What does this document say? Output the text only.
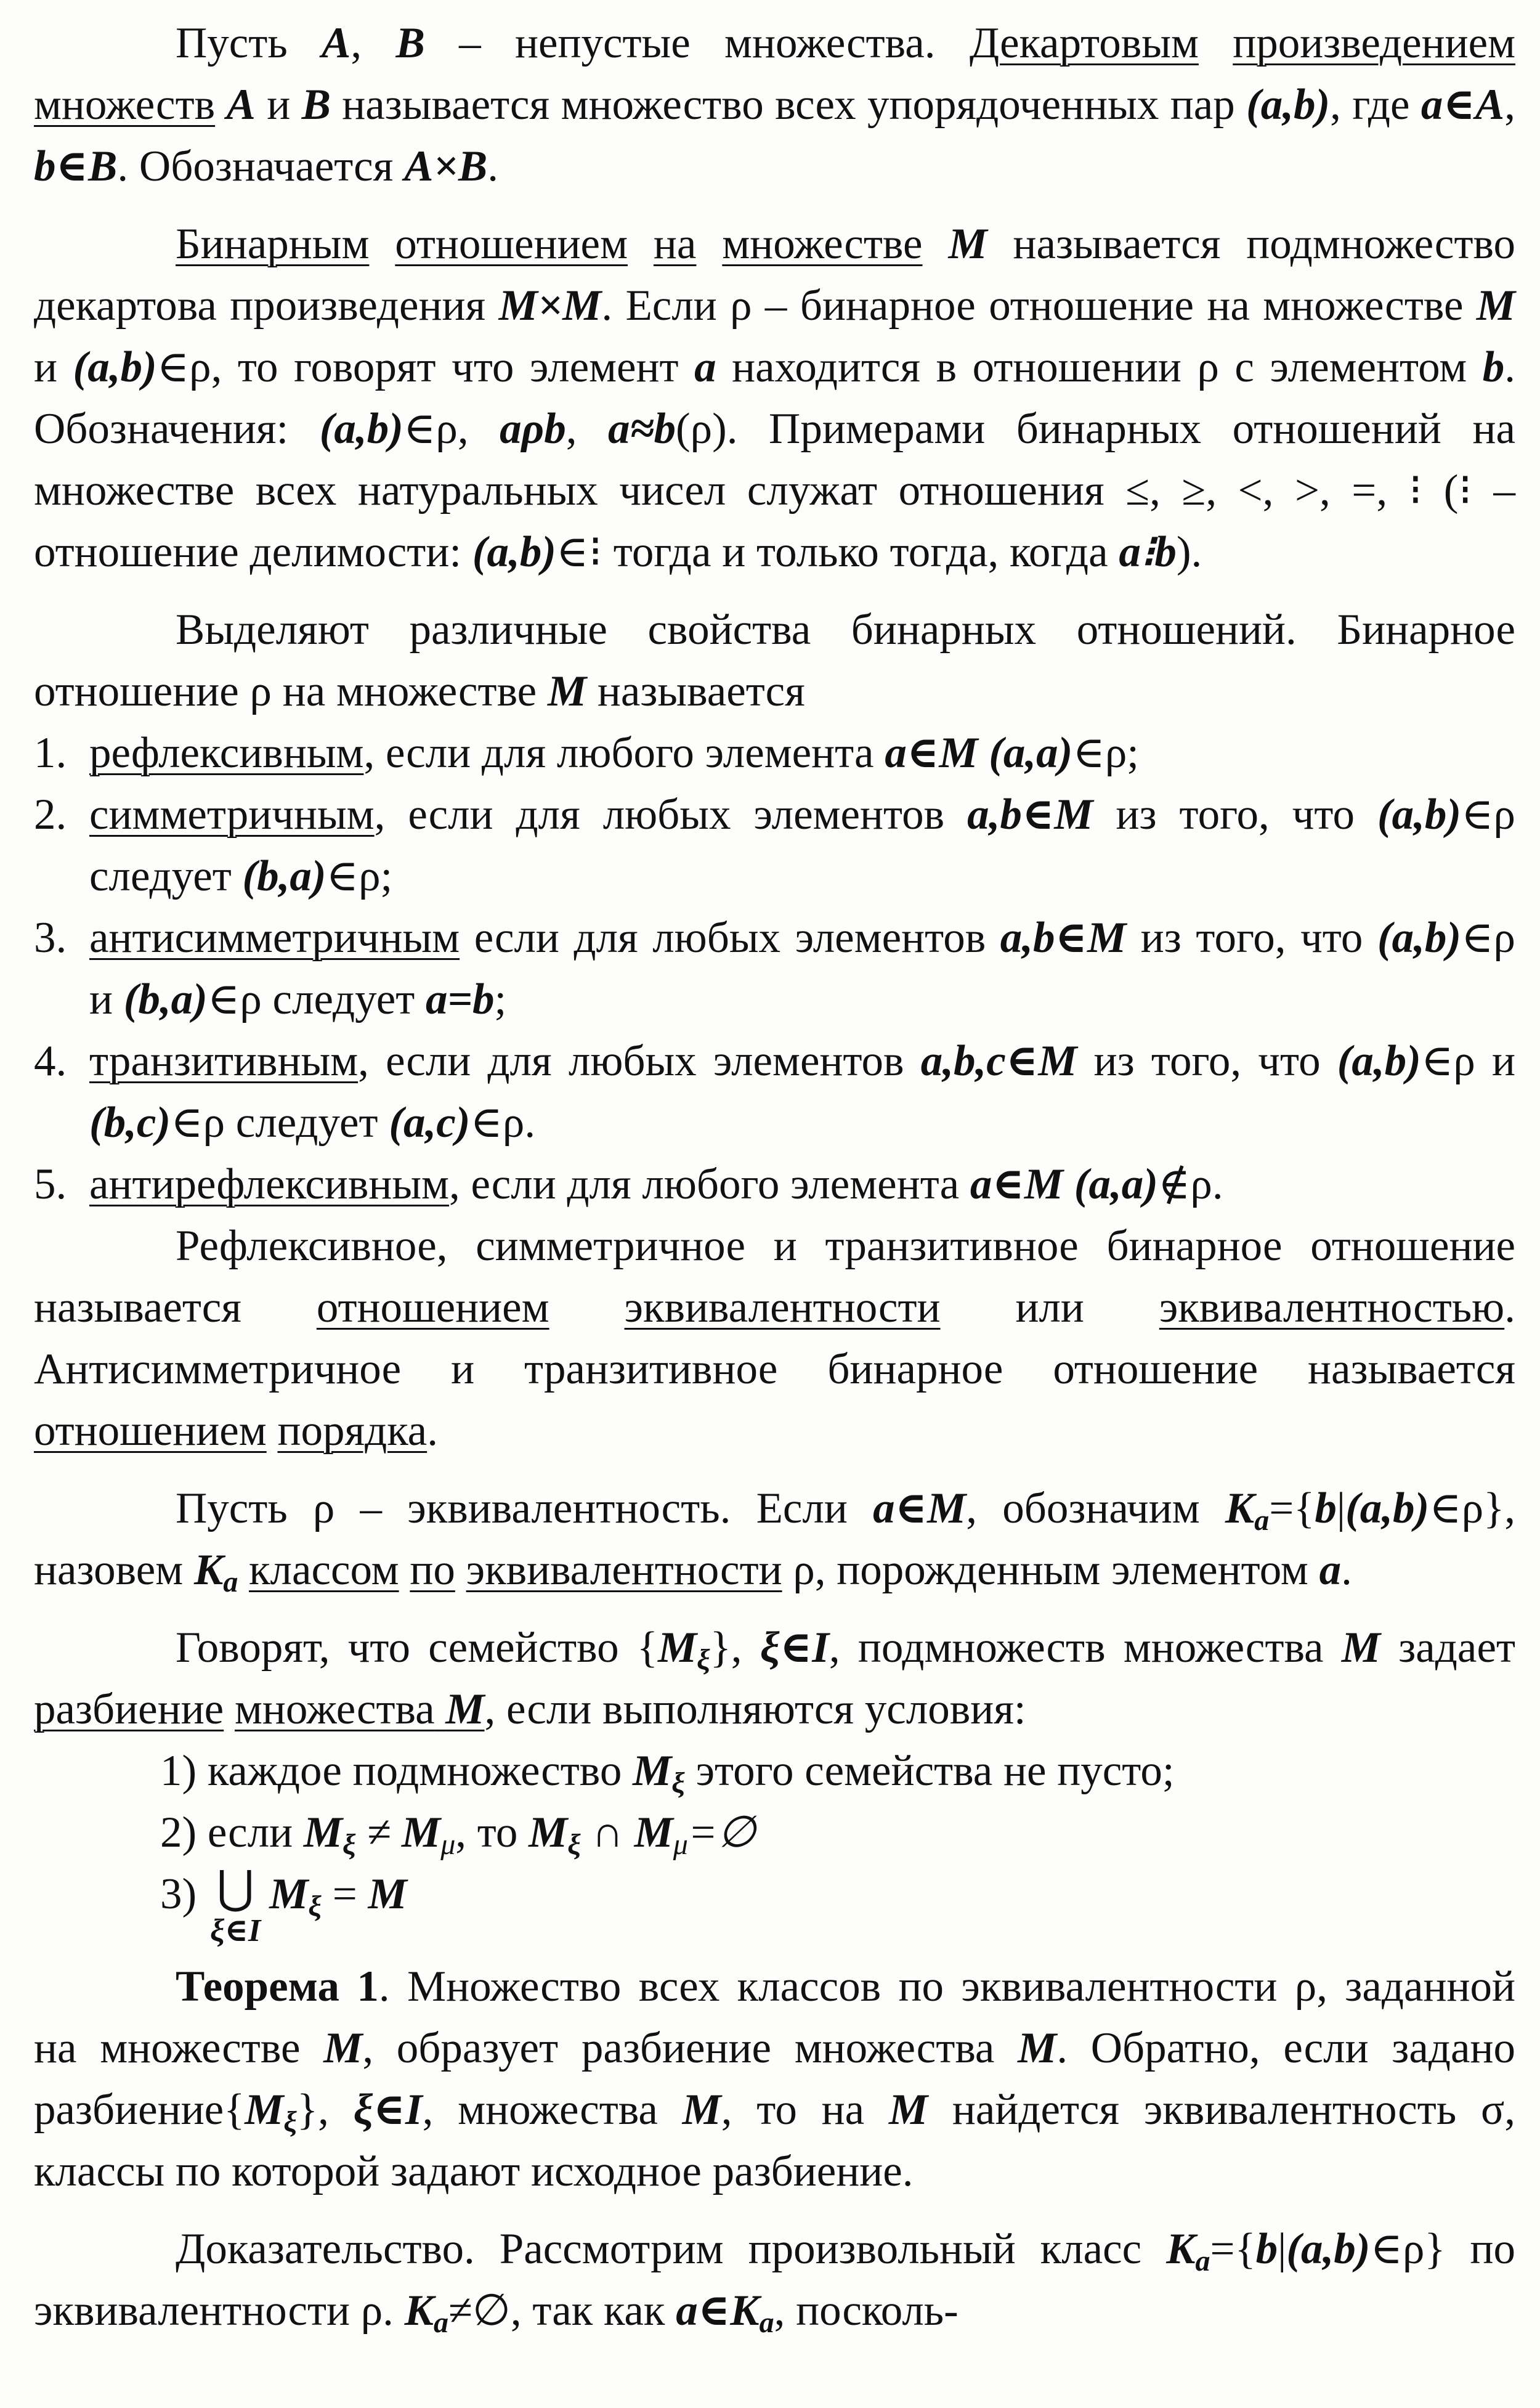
Пусть A, B – непустые множества. Декартовым произведением множеств A и B называется множество всех упорядоченных пар (a,b), где a∈A, b∈B. Обозначается A×B.

Бинарным отношением на множестве M называется подмножество декартова произведения M×M. Если ρ – бинарное отношение на множестве M и (a,b)∈ρ, то говорят что элемент a находится в отношении ρ с элементом b. Обозначения: (a,b)∈ρ, aρb, a≈b(ρ). Примерами бинарных отношений на множестве всех натуральных чисел служат отношения ≤, ≥, <, >, =, ⁝ (⁝ – отношение делимости: (a,b)∈⁝ тогда и только тогда, когда a⁝b).

Выделяют различные свойства бинарных отношений. Бинарное отношение ρ на множестве M называется

1. рефлексивным, если для любого элемента a∈M (a,a)∈ρ;
2. симметричным, если для любых элементов a,b∈M из того, что (a,b)∈ρ следует (b,a)∈ρ;
3. антисимметричным если для любых элементов a,b∈M из того, что (a,b)∈ρ и (b,a)∈ρ следует a=b;
4. транзитивным, если для любых элементов a,b,c∈M из того, что (a,b)∈ρ и (b,c)∈ρ следует (a,c)∈ρ.
5. антирефлексивным, если для любого элемента a∈M (a,a)∉ρ.

Рефлексивное, симметричное и транзитивное бинарное отношение называется отношением эквивалентности или эквивалентностью. Антисимметричное и транзитивное бинарное отношение называется отношением порядка.

Пусть ρ – эквивалентность. Если a∈M, обозначим Ka={b|(a,b)∈ρ}, назовем Ka классом по эквивалентности ρ, порожденным элементом a.

Говорят, что семейство {Mξ}, ξ∈I, подмножеств множества M задает разбиение множества M, если выполняются условия:

1) каждое подмножество Mξ этого семейства не пусто;

2) если Mξ ≠ Mμ, то Mξ ∩ Mμ=∅

3) ⋃
ξ∈I
Mξ = M

Теорема 1. Множество всех классов по эквивалентности ρ, заданной на множестве M, образует разбиение множества M. Обратно, если задано разбиение{Mξ}, ξ∈I, множества M, то на M найдется эквивалентность σ, классы по которой задают исходное разбиение.

Доказательство. Рассмотрим произвольный класс Ka={b|(a,b)∈ρ} по эквивалентности ρ. Ka≠∅, так как a∈Ka, посколь-
